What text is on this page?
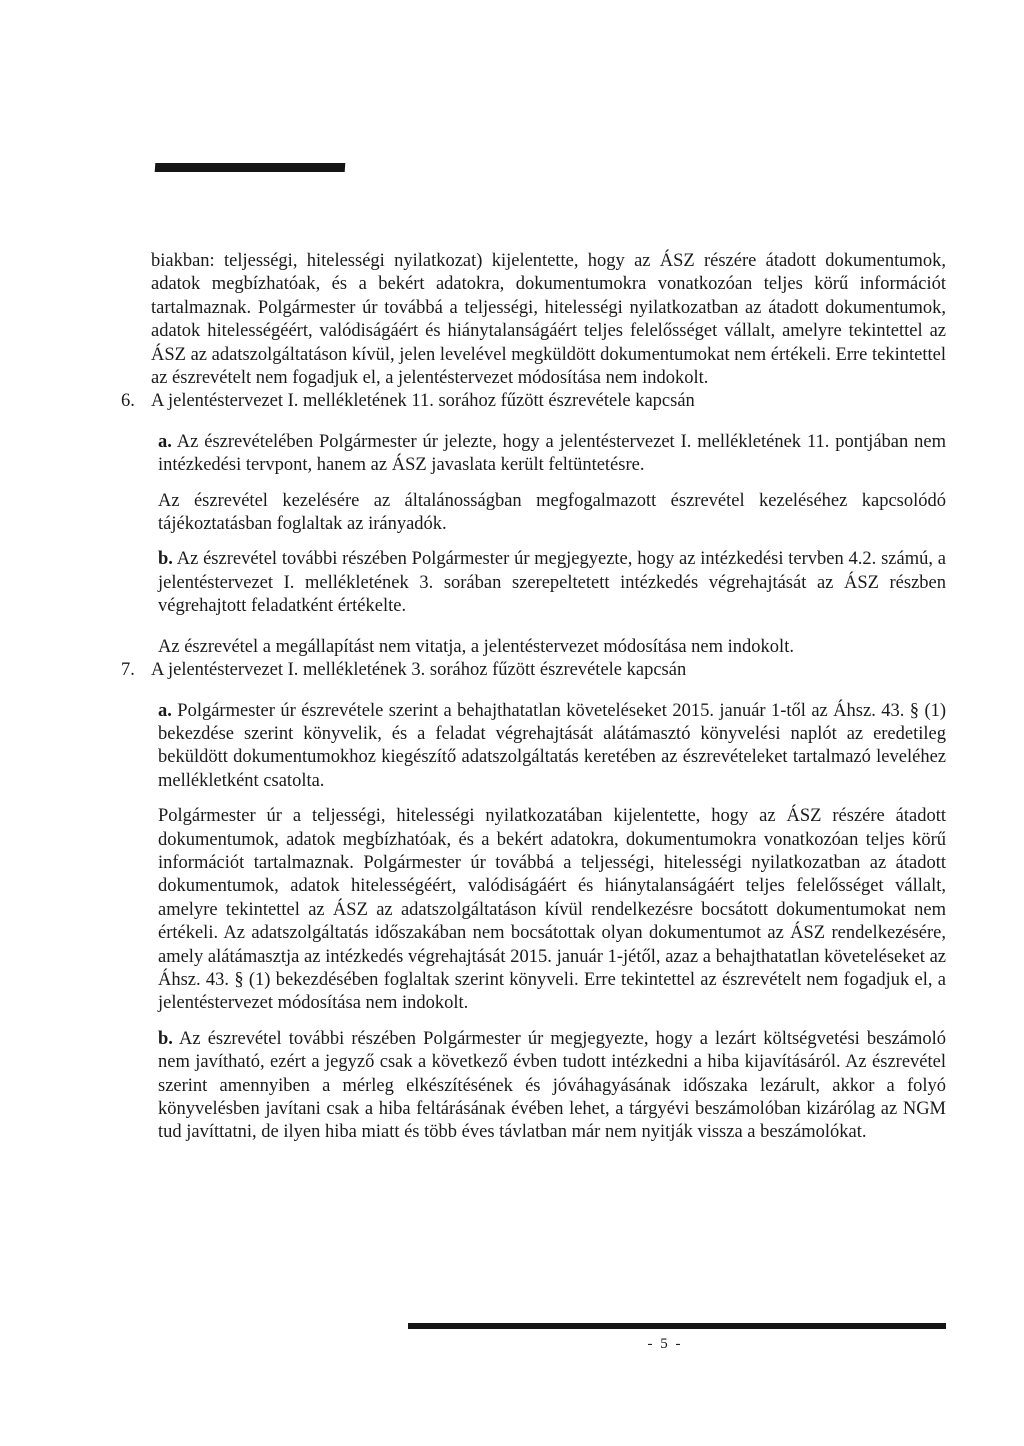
biakban: teljességi, hitelességi nyilatkozat) kijelentette, hogy az ÁSZ részére átadott dokumentumok, adatok megbízhatóak, és a bekért adatokra, dokumentumokra vonatkozóan teljes körű információt tartalmaznak. Polgármester úr továbbá a teljességi, hitelességi nyilatkozatban az átadott dokumentumok, adatok hitelességéért, valódiságáért és hiánytalanságáért teljes felelősséget vállalt, amelyre tekintettel az ÁSZ az adatszolgáltatáson kívül, jelen levelével megküldött dokumentumokat nem értékeli. Erre tekintettel az észrevételt nem fogadjuk el, a jelentéstervezet módosítása nem indokolt.

6. A jelentéstervezet I. mellékletének 11. sorához fűzött észrevétele kapcsán

a. Az észrevételében Polgármester úr jelezte, hogy a jelentéstervezet I. mellékletének 11. pontjában nem intézkedési tervpont, hanem az ÁSZ javaslata került feltüntetésre.

Az észrevétel kezelésére az általánosságban megfogalmazott észrevétel kezeléséhez kapcsolódó tájékoztatásban foglaltak az irányadók.

b. Az észrevétel további részében Polgármester úr megjegyezte, hogy az intézkedési tervben 4.2. számú, a jelentéstervezet I. mellékletének 3. sorában szerepeltetett intézkedés végrehajtását az ÁSZ részben végrehajtott feladatként értékelte.

Az észrevétel a megállapítást nem vitatja, a jelentéstervezet módosítása nem indokolt.

7. A jelentéstervezet I. mellékletének 3. sorához fűzött észrevétele kapcsán

a. Polgármester úr észrevétele szerint a behajthatatlan követeléseket 2015. január 1-től az Áhsz. 43. § (1) bekezdése szerint könyvelik, és a feladat végrehajtását alátámasztó könyvelési naplót az eredetileg beküldött dokumentumokhoz kiegészítő adatszolgáltatás keretében az észrevételeket tartalmazó leveléhez mellékletként csatolta.

Polgármester úr a teljességi, hitelességi nyilatkozatában kijelentette, hogy az ÁSZ részére átadott dokumentumok, adatok megbízhatóak, és a bekért adatokra, dokumentumokra vonatkozóan teljes körű információt tartalmaznak. Polgármester úr továbbá a teljességi, hitelességi nyilatkozatban az átadott dokumentumok, adatok hitelességéért, valódiságáért és hiánytalanságáért teljes felelősséget vállalt, amelyre tekintettel az ÁSZ az adatszolgáltatáson kívül rendelkezésre bocsátott dokumentumokat nem értékeli. Az adatszolgáltatás időszakában nem bocsátottak olyan dokumentumot az ÁSZ rendelkezésére, amely alátámasztja az intézkedés végrehajtását 2015. január 1-jétől, azaz a behajthatatlan követeléseket az Áhsz. 43. § (1) bekezdésében foglaltak szerint könyveli. Erre tekintettel az észrevételt nem fogadjuk el, a jelentéstervezet módosítása nem indokolt.

b. Az észrevétel további részében Polgármester úr megjegyezte, hogy a lezárt költségvetési beszámoló nem javítható, ezért a jegyző csak a következő évben tudott intézkedni a hiba kijavításáról. Az észrevétel szerint amennyiben a mérleg elkészítésének és jóváhagyásának időszaka lezárult, akkor a folyó könyvelésben javítani csak a hiba feltárásának évében lehet, a tárgyévi beszámolóban kizárólag az NGM tud javíttatni, de ilyen hiba miatt és több éves távlatban már nem nyitják vissza a beszámolókat.

- 5 -
